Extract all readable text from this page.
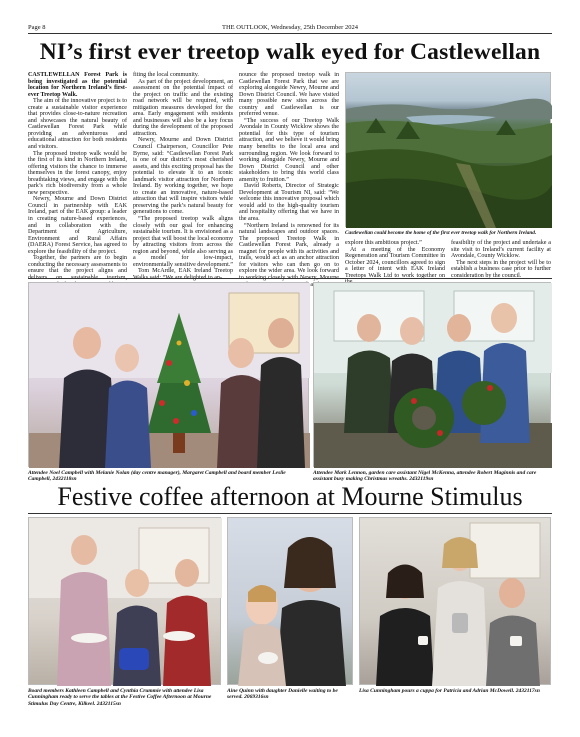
Page 8	THE OUTLOOK, Wednesday, 25th December 2024
NI’s first ever treetop walk eyed for Castlewellan

CASTLEWELLAN Forest Park is being investigated as the potential location for Northern Ireland’s first-ever Treetop Walk.

The aim of the innovative project is to create a sustainable visitor experience that provides close-to-nature recreation and showcases the natural beauty of Castlewellan Forest Park while providing an adventurous and educational attraction for both residents and visitors.

The proposed treetop walk would be the first of its kind in Northern Ireland, offering visitors the chance to immerse themselves in the forest canopy, enjoy breathtaking views, and engage with the park’s rich biodiversity from a whole new perspective.

Newry, Mourne and Down District Council in partnership with EAK Ireland, part of the EAK group: a leader in creating nature-based experiences, and in collaboration with the Department of Agriculture, Environment and Rural Affairs (DAERA) Forest Service, has agreed to explore the feasibility of the project.

Together, the partners are to begin conducting the necessary assessments to ensure that the project aligns and delivers on sustainable tourism,

fiting the local community.

As part of the project development, an assessment on the potential impact of the project on traffic and the existing road network will be required, with mitigation measures developed for the area. Early engagement with residents and businesses will also be a key focus during the development of the proposed attraction.

Newry, Mourne and Down District Council Chairperson, Councillor Pete Byrne, said: “Castlewellan Forest Park is one of our district’s most cherished assets, and this exciting proposal has the potential to elevate it to an iconic landmark visitor attraction for Northern Ireland. By working together, we hope to create an innovative, nature-based attraction that will inspire visitors while preserving the park’s natural beauty for generations to come.

“The proposed treetop walk aligns closely with our goal for enhancing sustainable tourism. It is envisioned as a project that will boost the local economy by attracting visitors from across the region and beyond, while also serving as a model for low-impact, environmentally sensitive development.”

Tom McArdle, EAK Ireland Treetop Walks said: “We are delighted to an-

nounce the proposed treetop walk in Castlewellan Forest Park that we are exploring alongside Newry, Mourne and Down District Council. We have visited many possible new sites across the country and Castlewellan is our preferred venue.

“The success of our Treetop Walk Avondale in County Wicklow shows the potential for this type of tourism attraction, and we believe it would bring many benefits to the local area and surrounding region. We look forward to working alongside Newry, Mourne and Down District Council and other stakeholders to bring this world class amenity to fruition.”

David Roberts, Director of Strategic Development at Tourism NI, said: “We welcome this innovative proposal which would add to the high-quality tourism and hospitality offering that we have in the area.

“Northern Ireland is renowned for its natural landscapes and outdoor spaces. The proposed Treetop Walk in Castlewellan Forest Park, already a magnet for people with its activities and trails, would act as an anchor attraction for visitors who can then go on to explore the wider area. We look forward to working closely with Newry, Mourne

Castlewellan could become the home of the first ever treetop walk for Northern Ireland.

explore this ambitious project.”

At a meeting of the Economy Regeneration and Tourism Committee in October 2024, councillors agreed to sign a letter of intent with EAK Ireland Treetops Walk Ltd to work together on

feasibility of the project and undertake a site visit to Ireland’s current facility at Avondale, County Wicklow.

The next steps in the project will be to establish a business case prior to further consideration by the council.

Attendee Noel Campbell with Melanie Nolan (day centre manager), Margaret Campbell and board member Leslie Campbell, 2432118sn
Attendee Mark Lennon, garden care assistant Nigel McKenna, attendee Robert Maginnis and care assistant busy making Christmas wreaths. 2432119sn
Festive coffee afternoon at Mourne Stimulus
Board members Kathleen Campbell and Cynthia Crummie with attendee Lisa Cunningham ready to serve the tables at the Festive Coffee Afternoon at Mourne Stimulus Day Centre, Kilkeel. 2432115sn
Aine Quinn with daughter Danielle waiting to be served. 2069316sn
Lisa Cunningham pours a cuppa for Patricia and Adrian McDowell. 2432117sn
